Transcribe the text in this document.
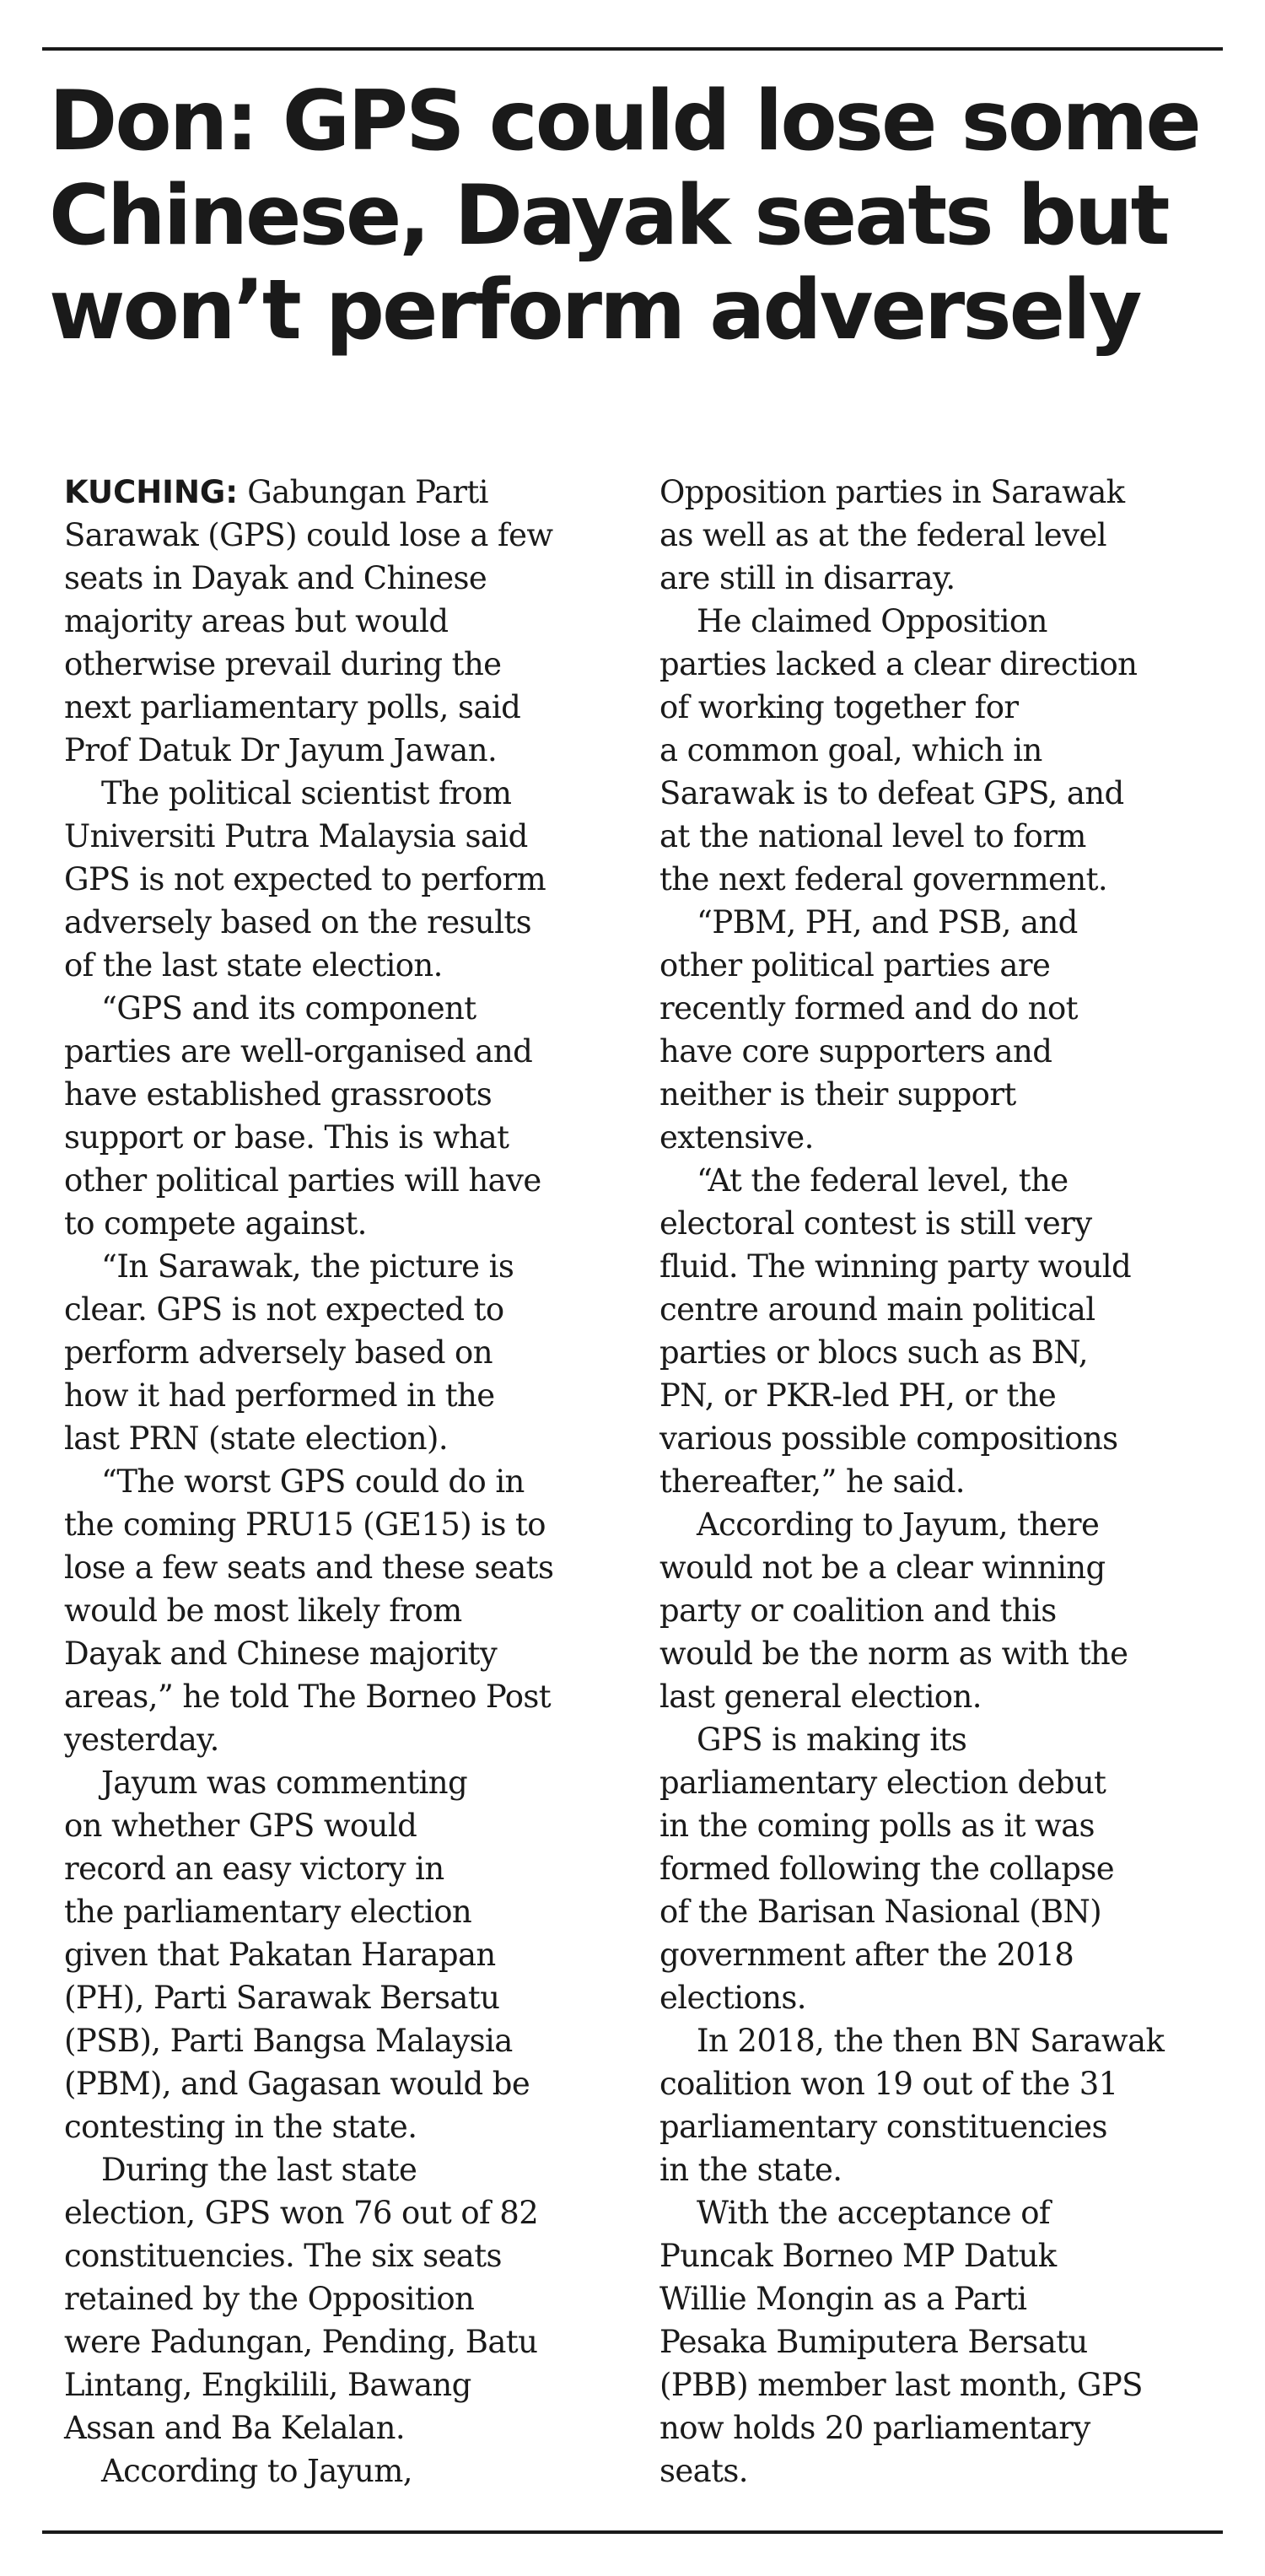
Don: GPS could lose some
Chinese, Dayak seats but
won’t perform adversely

KUCHING: Gabungan Parti
Sarawak (GPS) could lose a few
seats in Dayak and Chinese
majority areas but would
otherwise prevail during the
next parliamentary polls, said
Prof Datuk Dr Jayum Jawan.

The political scientist from
Universiti Putra Malaysia said
GPS is not expected to perform
adversely based on the results
of the last state election.

“GPS and its component
parties are well-organised and
have established grassroots
support or base. This is what
other political parties will have
to compete against.

“In Sarawak, the picture is
clear. GPS is not expected to
perform adversely based on
how it had performed in the
last PRN (state election).

“The worst GPS could do in
the coming PRU15 (GE15) is to
lose a few seats and these seats
would be most likely from
Dayak and Chinese majority
areas,” he told The Borneo Post
yesterday.

Jayum was commenting
on whether GPS would
record an easy victory in
the parliamentary election
given that Pakatan Harapan
(PH), Parti Sarawak Bersatu
(PSB), Parti Bangsa Malaysia
(PBM), and Gagasan would be
contesting in the state.

During the last state
election, GPS won 76 out of 82
constituencies. The six seats
retained by the Opposition
were Padungan, Pending, Batu
Lintang, Engkilili, Bawang
Assan and Ba Kelalan.

According to Jayum,

Opposition parties in Sarawak
as well as at the federal level
are still in disarray.

He claimed Opposition
parties lacked a clear direction
of working together for
a common goal, which in
Sarawak is to defeat GPS, and
at the national level to form
the next federal government.

“PBM, PH, and PSB, and
other political parties are
recently formed and do not
have core supporters and
neither is their support
extensive.

“At the federal level, the
electoral contest is still very
fluid. The winning party would
centre around main political
parties or blocs such as BN,
PN, or PKR-led PH, or the
various possible compositions
thereafter,” he said.

According to Jayum, there
would not be a clear winning
party or coalition and this
would be the norm as with the
last general election.

GPS is making its
parliamentary election debut
in the coming polls as it was
formed following the collapse
of the Barisan Nasional (BN)
government after the 2018
elections.

In 2018, the then BN Sarawak
coalition won 19 out of the 31
parliamentary constituencies
in the state.

With the acceptance of
Puncak Borneo MP Datuk
Willie Mongin as a Parti
Pesaka Bumiputera Bersatu
(PBB) member last month, GPS
now holds 20 parliamentary
seats.
